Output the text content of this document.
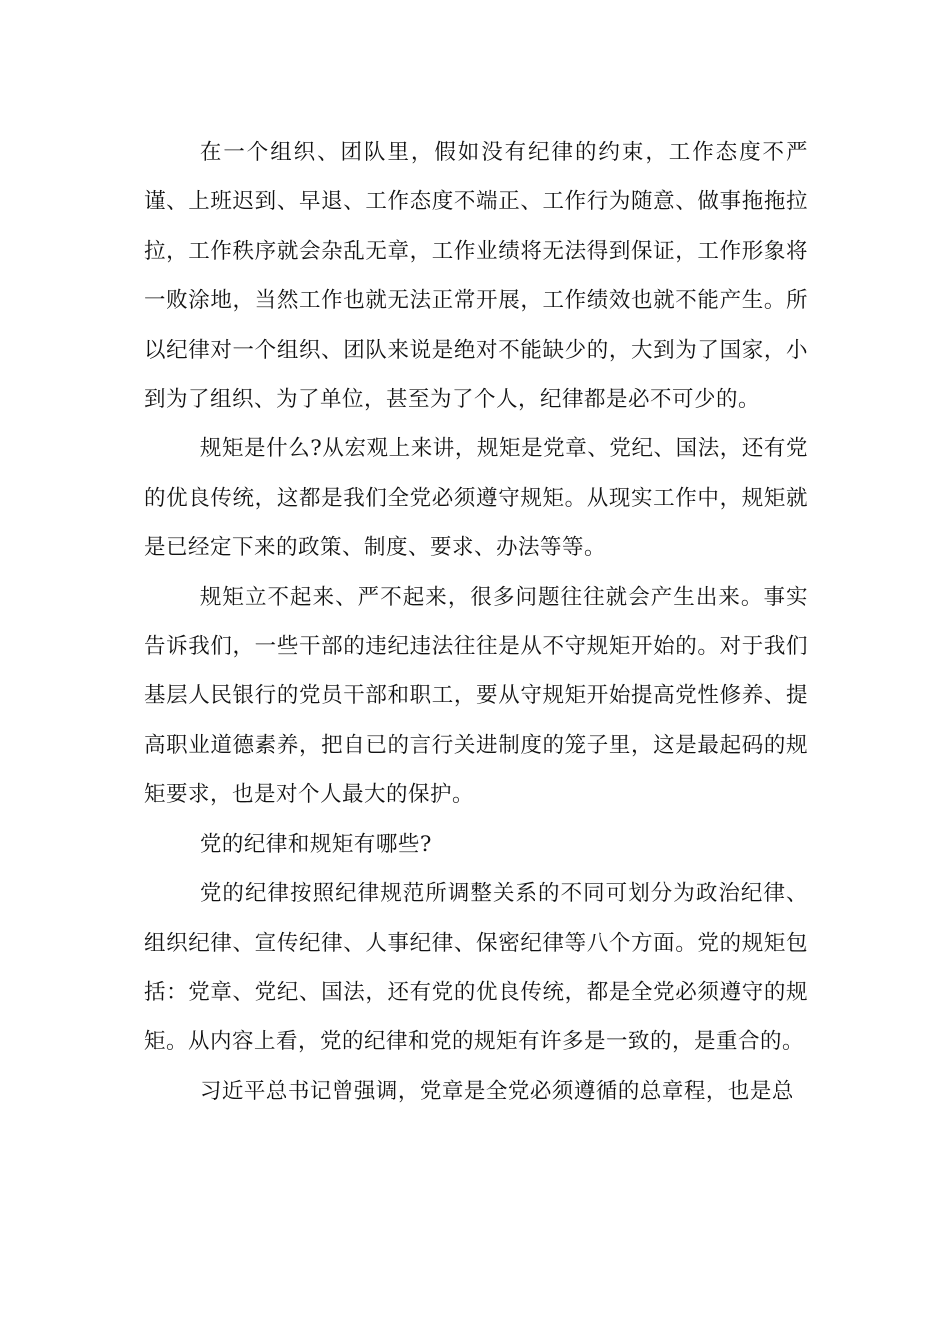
在一个组织、团队里，假如没有纪律的约束，工作态度不严谨、上班迟到、早退、工作态度不端正、工作行为随意、做事拖拖拉拉，工作秩序就会杂乱无章，工作业绩将无法得到保证，工作形象将一败涂地，当然工作也就无法正常开展，工作绩效也就不能产生。所以纪律对一个组织、团队来说是绝对不能缺少的，大到为了国家，小到为了组织、为了单位，甚至为了个人，纪律都是必不可少的。

规矩是什么?从宏观上来讲，规矩是党章、党纪、国法，还有党的优良传统，这都是我们全党必须遵守规矩。从现实工作中，规矩就是已经定下来的政策、制度、要求、办法等等。

规矩立不起来、严不起来，很多问题往往就会产生出来。事实告诉我们，一些干部的违纪违法往往是从不守规矩开始的。对于我们基层人民银行的党员干部和职工，要从守规矩开始提高党性修养、提高职业道德素养，把自已的言行关进制度的笼子里，这是最起码的规矩要求，也是对个人最大的保护。

党的纪律和规矩有哪些?

党的纪律按照纪律规范所调整关系的不同可划分为政治纪律、组织纪律、宣传纪律、人事纪律、保密纪律等八个方面。党的规矩包括：党章、党纪、国法，还有党的优良传统，都是全党必须遵守的规矩。从内容上看，党的纪律和党的规矩有许多是一致的，是重合的。

习近平总书记曾强调，党章是全党必须遵循的总章程，也是总
